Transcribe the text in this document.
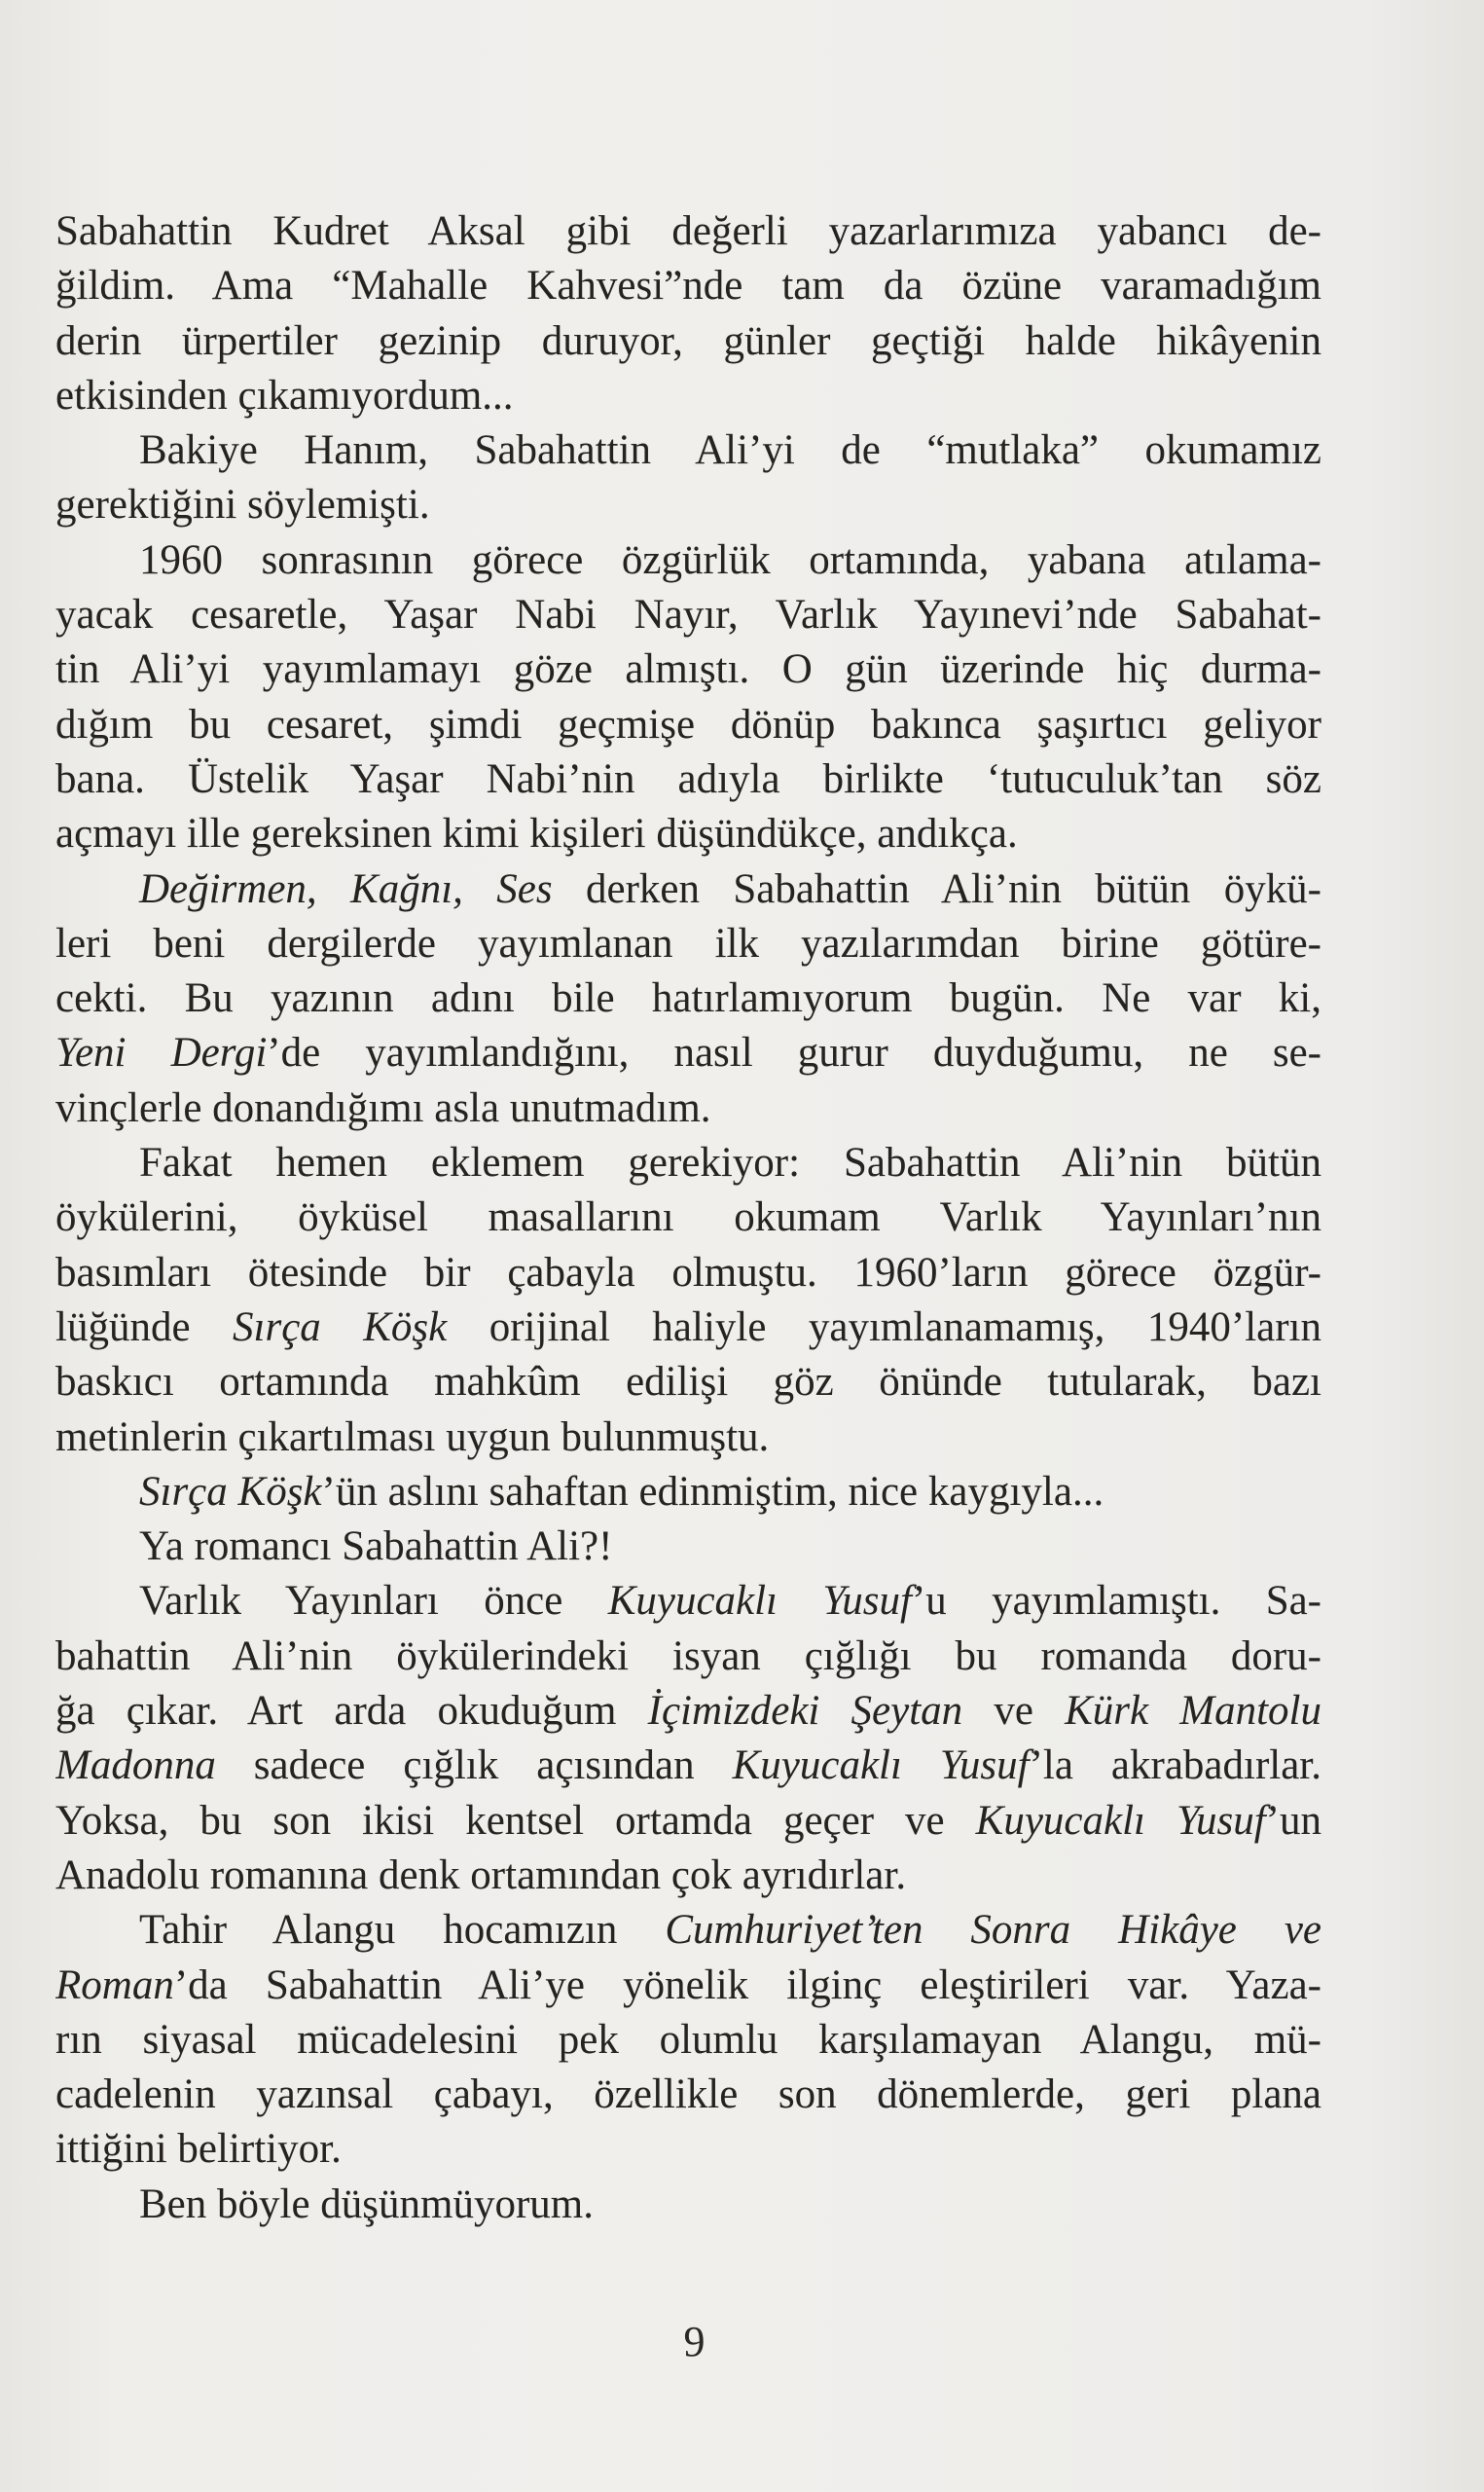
Sabahattin Kudret Aksal gibi değerli yazarlarımıza yabancı de-
ğildim. Ama “Mahalle Kahvesi”nde tam da özüne varamadığım
derin ürpertiler gezinip duruyor, günler geçtiği halde hikâyenin
etkisinden çıkamıyordum...
Bakiye Hanım, Sabahattin Ali’yi de “mutlaka” okumamız
gerektiğini söylemişti.
1960 sonrasının görece özgürlük ortamında, yabana atılama-
yacak cesaretle, Yaşar Nabi Nayır, Varlık Yayınevi’nde Sabahat-
tin Ali’yi yayımlamayı göze almıştı. O gün üzerinde hiç durma-
dığım bu cesaret, şimdi geçmişe dönüp bakınca şaşırtıcı geliyor
bana. Üstelik Yaşar Nabi’nin adıyla birlikte ‘tutuculuk’tan söz
açmayı ille gereksinen kimi kişileri düşündükçe, andıkça.
Değirmen, Kağnı, Ses derken Sabahattin Ali’nin bütün öykü-
leri beni dergilerde yayımlanan ilk yazılarımdan birine götüre-
cekti. Bu yazının adını bile hatırlamıyorum bugün. Ne var ki,
Yeni Dergi’de yayımlandığını, nasıl gurur duyduğumu, ne se-
vinçlerle donandığımı asla unutmadım.
Fakat hemen eklemem gerekiyor: Sabahattin Ali’nin bütün
öykülerini, öyküsel masallarını okumam Varlık Yayınları’nın
basımları ötesinde bir çabayla olmuştu. 1960’ların görece özgür-
lüğünde Sırça Köşk orijinal haliyle yayımlanamamış, 1940’ların
baskıcı ortamında mahkûm edilişi göz önünde tutularak, bazı
metinlerin çıkartılması uygun bulunmuştu.
Sırça Köşk’ün aslını sahaftan edinmiştim, nice kaygıyla...
Ya romancı Sabahattin Ali?!
Varlık Yayınları önce Kuyucaklı Yusuf’u yayımlamıştı. Sa-
bahattin Ali’nin öykülerindeki isyan çığlığı bu romanda doru-
ğa çıkar. Art arda okuduğum İçimizdeki Şeytan ve Kürk Mantolu
Madonna sadece çığlık açısından Kuyucaklı Yusuf’la akrabadırlar.
Yoksa, bu son ikisi kentsel ortamda geçer ve Kuyucaklı Yusuf’un
Anadolu romanına denk ortamından çok ayrıdırlar.
Tahir Alangu hocamızın Cumhuriyet’ten Sonra Hikâye ve
Roman’da Sabahattin Ali’ye yönelik ilginç eleştirileri var. Yaza-
rın siyasal mücadelesini pek olumlu karşılamayan Alangu, mü-
cadelenin yazınsal çabayı, özellikle son dönemlerde, geri plana
ittiğini belirtiyor.
Ben böyle düşünmüyorum.
9
